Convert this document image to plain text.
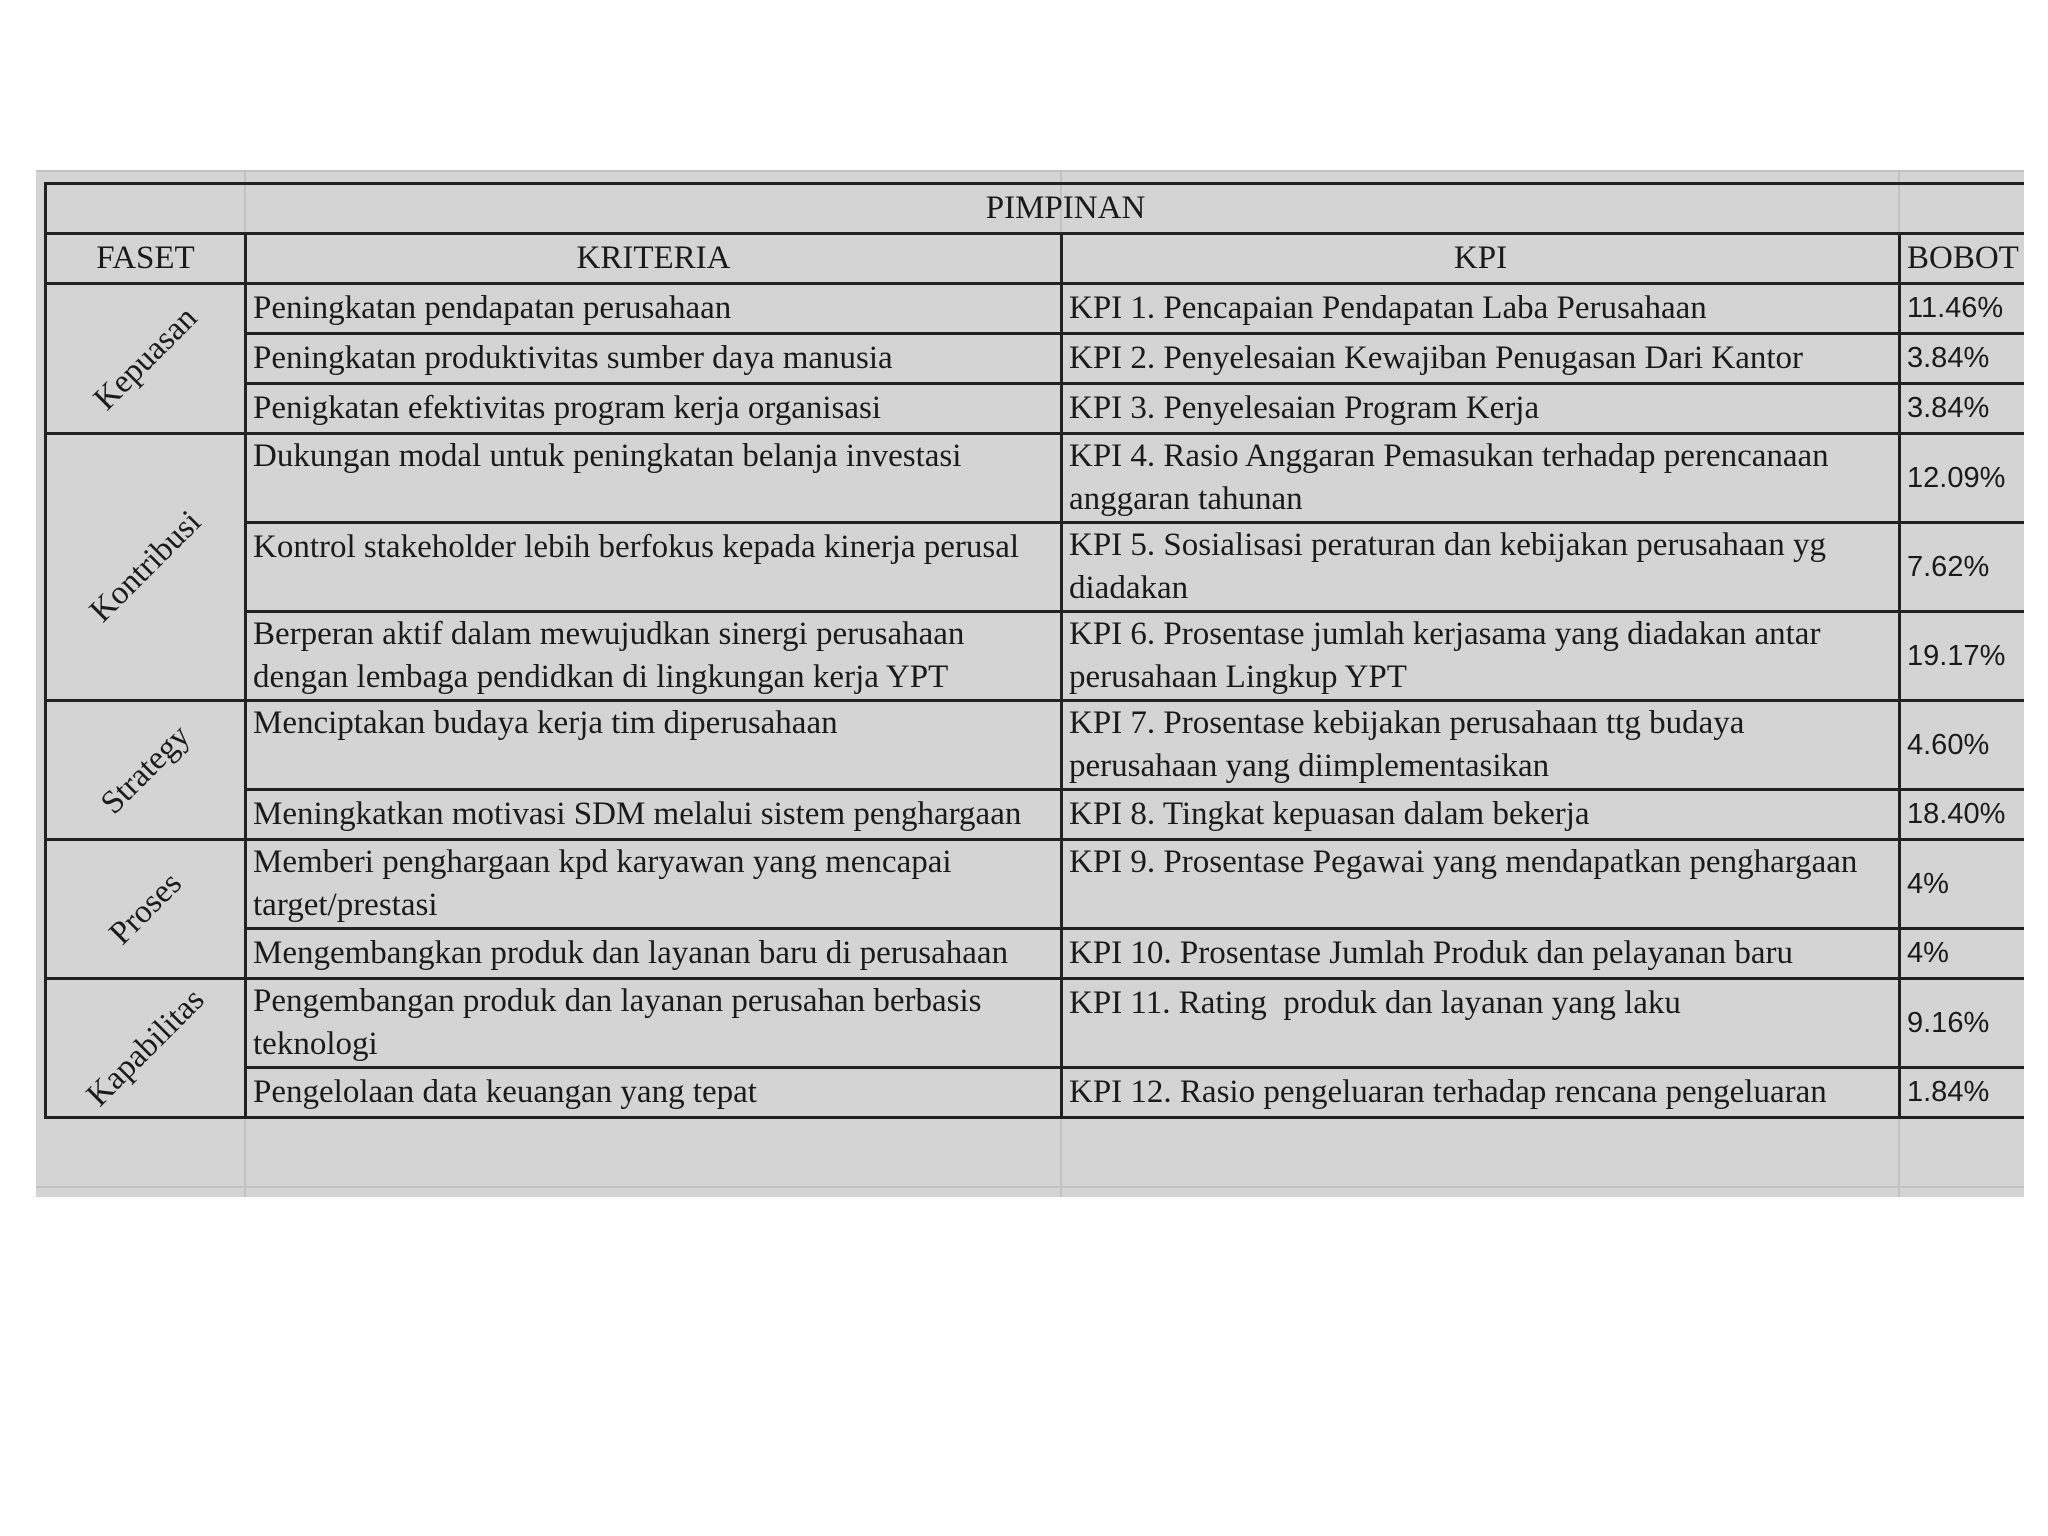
PIMPINAN			
FASET	KRITERIA	KPI	BOBOT

Kepuasan	Peningkatan pendapatan perusahaan	KPI 1. Pencapaian Pendapatan Laba Perusahaan	11.46%
	Peningkatan produktivitas sumber daya manusia	KPI 2. Penyelesaian Kewajiban Penugasan Dari Kantor	3.84%
	Penigkatan efektivitas program kerja organisasi	KPI 3. Penyelesaian Program Kerja	3.84%

Kontribusi	Dukungan modal untuk peningkatan belanja investasi	KPI 4. Rasio Anggaran Pemasukan terhadap perencanaan anggaran tahunan	12.09%
	Kontrol stakeholder lebih berfokus kepada kinerja perusal	KPI 5. Sosialisasi peraturan dan kebijakan perusahaan yg diadakan	7.62%
	Berperan aktif dalam mewujudkan sinergi perusahaan dengan lembaga pendidkan di lingkungan kerja YPT	KPI 6. Prosentase jumlah kerjasama yang diadakan antar perusahaan Lingkup YPT	19.17%

Strategy	Menciptakan budaya kerja tim diperusahaan	KPI 7. Prosentase kebijakan perusahaan ttg budaya perusahaan yang diimplementasikan	4.60%
	Meningkatkan motivasi SDM melalui sistem penghargaan	KPI 8. Tingkat kepuasan dalam bekerja	18.40%

Proses	Memberi penghargaan kpd karyawan yang mencapai target/prestasi	KPI 9. Prosentase Pegawai yang mendapatkan penghargaan	4%
	Mengembangkan produk dan layanan baru di perusahaan	KPI 10. Prosentase Jumlah Produk dan pelayanan baru	4%

Kapabilitas	Pengembangan produk dan layanan perusahan berbasis teknologi	KPI 11. Rating  produk dan layanan yang laku	9.16%
	Pengelolaan data keuangan yang tepat	KPI 12. Rasio pengeluaran terhadap rencana pengeluaran	1.84%
